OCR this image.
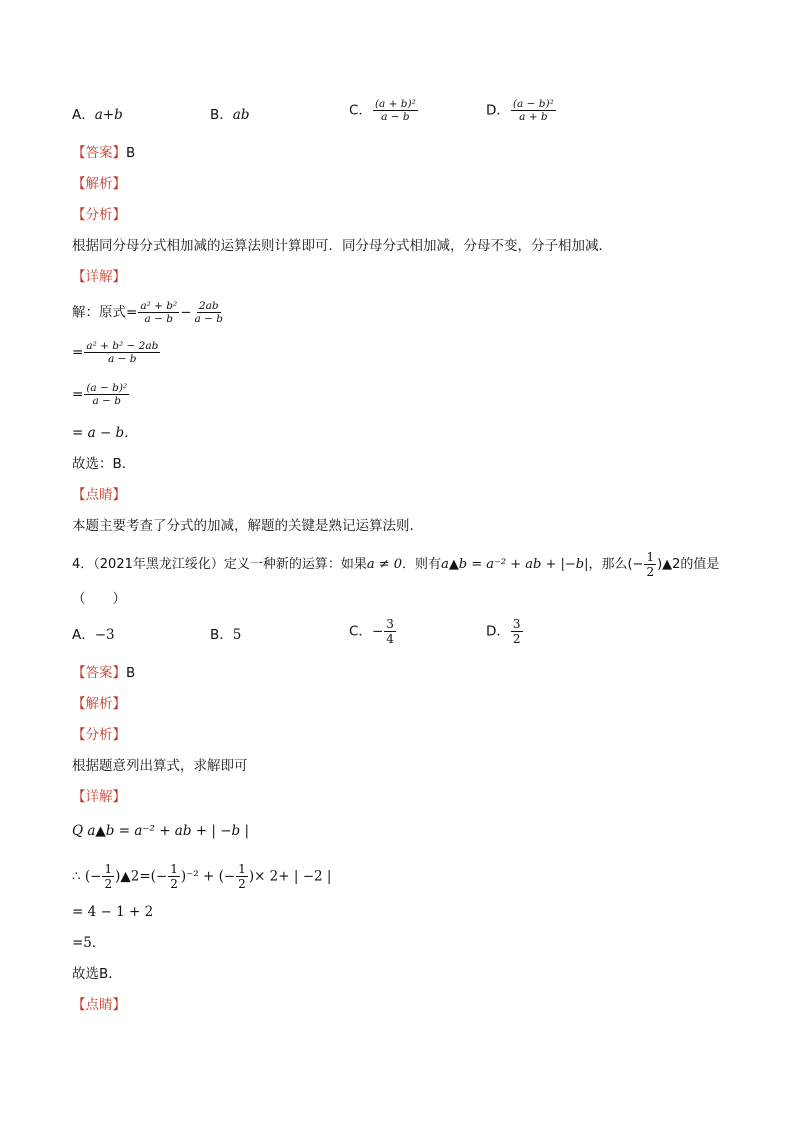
A．a+b	B．ab	C． $\frac{\text{(a + b)²}}{a - b}$	D． $\frac{\text{(a − b)²}}{a + b}$
【答案】B
【解析】
【分析】
根据同分母分式相加减的运算法则计算即可．同分母分式相加减，分母不变，分子相加减．
【详解】
解：原式= $\frac{\text{a² + b²}}{a - b} - \frac{2ab}{a - b}$
= $\frac{\text{a² + b² − 2ab}}{a - b}$
= $\frac{\text{(a − b)²}}{a - b}$
= a − b．
故选：B．
【点睛】
本题主要考查了分式的加减，解题的关键是熟记运算法则．
4．（2021年黑龙江绥化）定义一种新的运算：如果a ≠ 0．则有a▲b = a⁻² + ab + |−b|，那么(− $\frac{1}{2}$ )▲2的值是
（　　）
A．−3	B．5	C．− $\frac{3}{4}$	D． $\frac{3}{2}$
【答案】B
【解析】
【分析】
根据题意列出算式，求解即可
【详解】
Q a▲b = a⁻² + ab + | −b |
∴ (− $\frac{1}{2}$ )▲2=(− $\frac{1}{2} )^{-2}$ + (− $\frac{1}{2}$ )× 2+ | −2 |
= 4 − 1 + 2
=5．
故选B．
【点睛】
